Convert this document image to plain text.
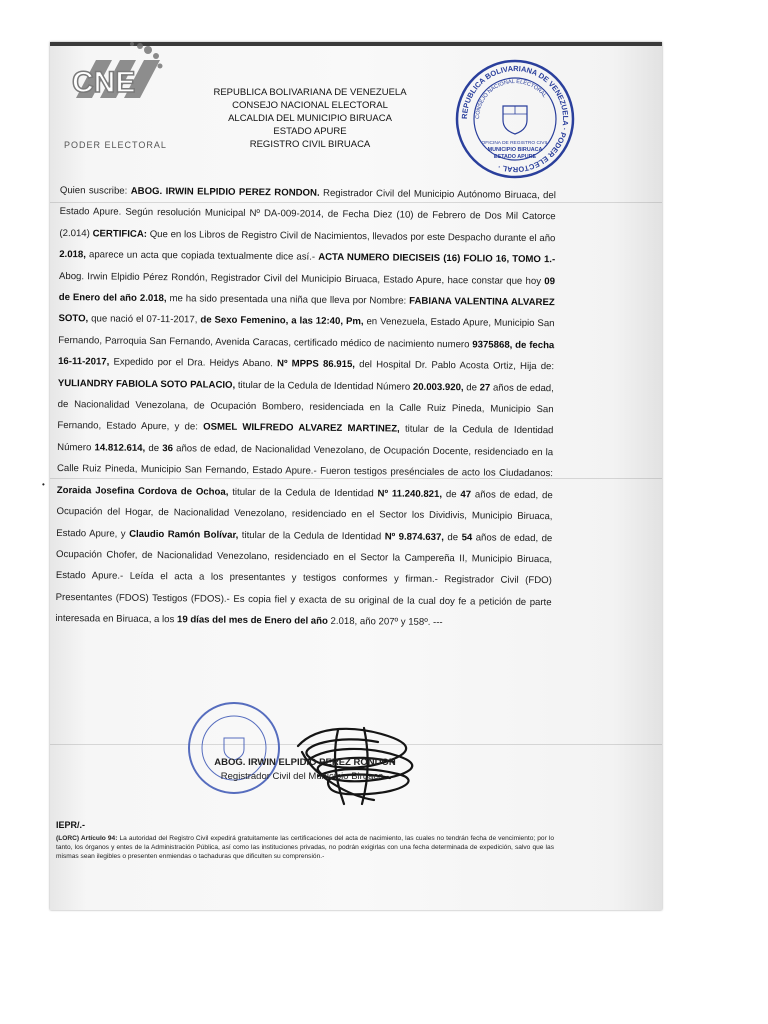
CNE
PODER ELECTORAL
REPUBLICA BOLIVARIANA DE VENEZUELA
CONSEJO NACIONAL ELECTORAL
ALCALDIA DEL MUNICIPIO BIRUACA
ESTADO APURE
REGISTRO CIVIL BIRUACA
REPUBLICA BOLIVARIANA DE VENEZUELA · PODER ELECTORAL ·
CONSEJO NACIONAL ELECTORAL
OFICINA DE REGISTRO CIVIL
MUNICIPIO BIRUACA
ESTADO APURE
Quien suscribe: ABOG. IRWIN ELPIDIO PEREZ RONDON. Registrador Civil del Municipio Autónomo Biruaca, del Estado Apure. Según resolución Municipal Nº DA-009-2014, de Fecha Diez (10) de Febrero de Dos Mil Catorce (2.014) CERTIFICA: Que en los Libros de Registro Civil de Nacimientos, llevados por este Despacho durante el año 2.018, aparece un acta que copiada textualmente dice así.- ACTA NUMERO DIECISEIS (16) FOLIO 16, TOMO 1.- Abog. Irwin Elpidio Pérez Rondón, Registrador Civil del Municipio Biruaca, Estado Apure, hace constar que hoy 09 de Enero del año 2.018, me ha sido presentada una niña que lleva por Nombre: FABIANA VALENTINA ALVAREZ SOTO, que nació el 07-11-2017, de Sexo Femenino, a las 12:40, Pm, en Venezuela, Estado Apure, Municipio San Fernando, Parroquia San Fernando, Avenida Caracas, certificado médico de nacimiento numero 9375868, de fecha 16-11-2017, Expedido por el Dra. Heidys Abano. Nº MPPS 86.915, del Hospital Dr. Pablo Acosta Ortiz, Hija de: YULIANDRY FABIOLA SOTO PALACIO, titular de la Cedula de Identidad Número 20.003.920, de 27 años de edad, de Nacionalidad Venezolana, de Ocupación Bombero, residenciada en la Calle Ruiz Pineda, Municipio San Fernando, Estado Apure, y de: OSMEL WILFREDO ALVAREZ MARTINEZ, titular de la Cedula de Identidad Número 14.812.614, de 36 años de edad, de Nacionalidad Venezolano, de Ocupación Docente, residenciado en la Calle Ruiz Pineda, Municipio San Fernando, Estado Apure.- Fueron testigos presénciales de acto los Ciudadanos: Zoraida Josefina Cordova de Ochoa, titular de la Cedula de Identidad Nº 11.240.821, de 47 años de edad, de Ocupación del Hogar, de Nacionalidad Venezolano, residenciado en el Sector los Dividivis, Municipio Biruaca, Estado Apure, y Claudio Ramón Bolívar, titular de la Cedula de Identidad Nº 9.874.637, de 54 años de edad, de Ocupación Chofer, de Nacionalidad Venezolano, residenciado en el Sector la Campereña II, Municipio Biruaca, Estado Apure.- Leída el acta a los presentantes y testigos conformes y firman.- Registrador Civil (FDO) Presentantes (FDOS) Testigos (FDOS).- Es copia fiel y exacta de su original de la cual doy fe a petición de parte interesada en Biruaca, a los 19 días del mes de Enero del año 2.018, año 207º y 158º. ---
•
ABOG. IRWIN ELPIDIO PEREZ RONDON
Registrador Civil del Municipio Biruaca.-
IEPR/.-
(LORC) Artículo 94: La autoridad del Registro Civil expedirá gratuitamente las certificaciones del acta de nacimiento, las cuales no tendrán fecha de vencimiento; por lo tanto, los órganos y entes de la Administración Pública, así como las instituciones privadas, no podrán exigirlas con una fecha determinada de expedición, salvo que las mismas sean ilegibles o presenten enmiendas o tachaduras que dificulten su comprensión.-
